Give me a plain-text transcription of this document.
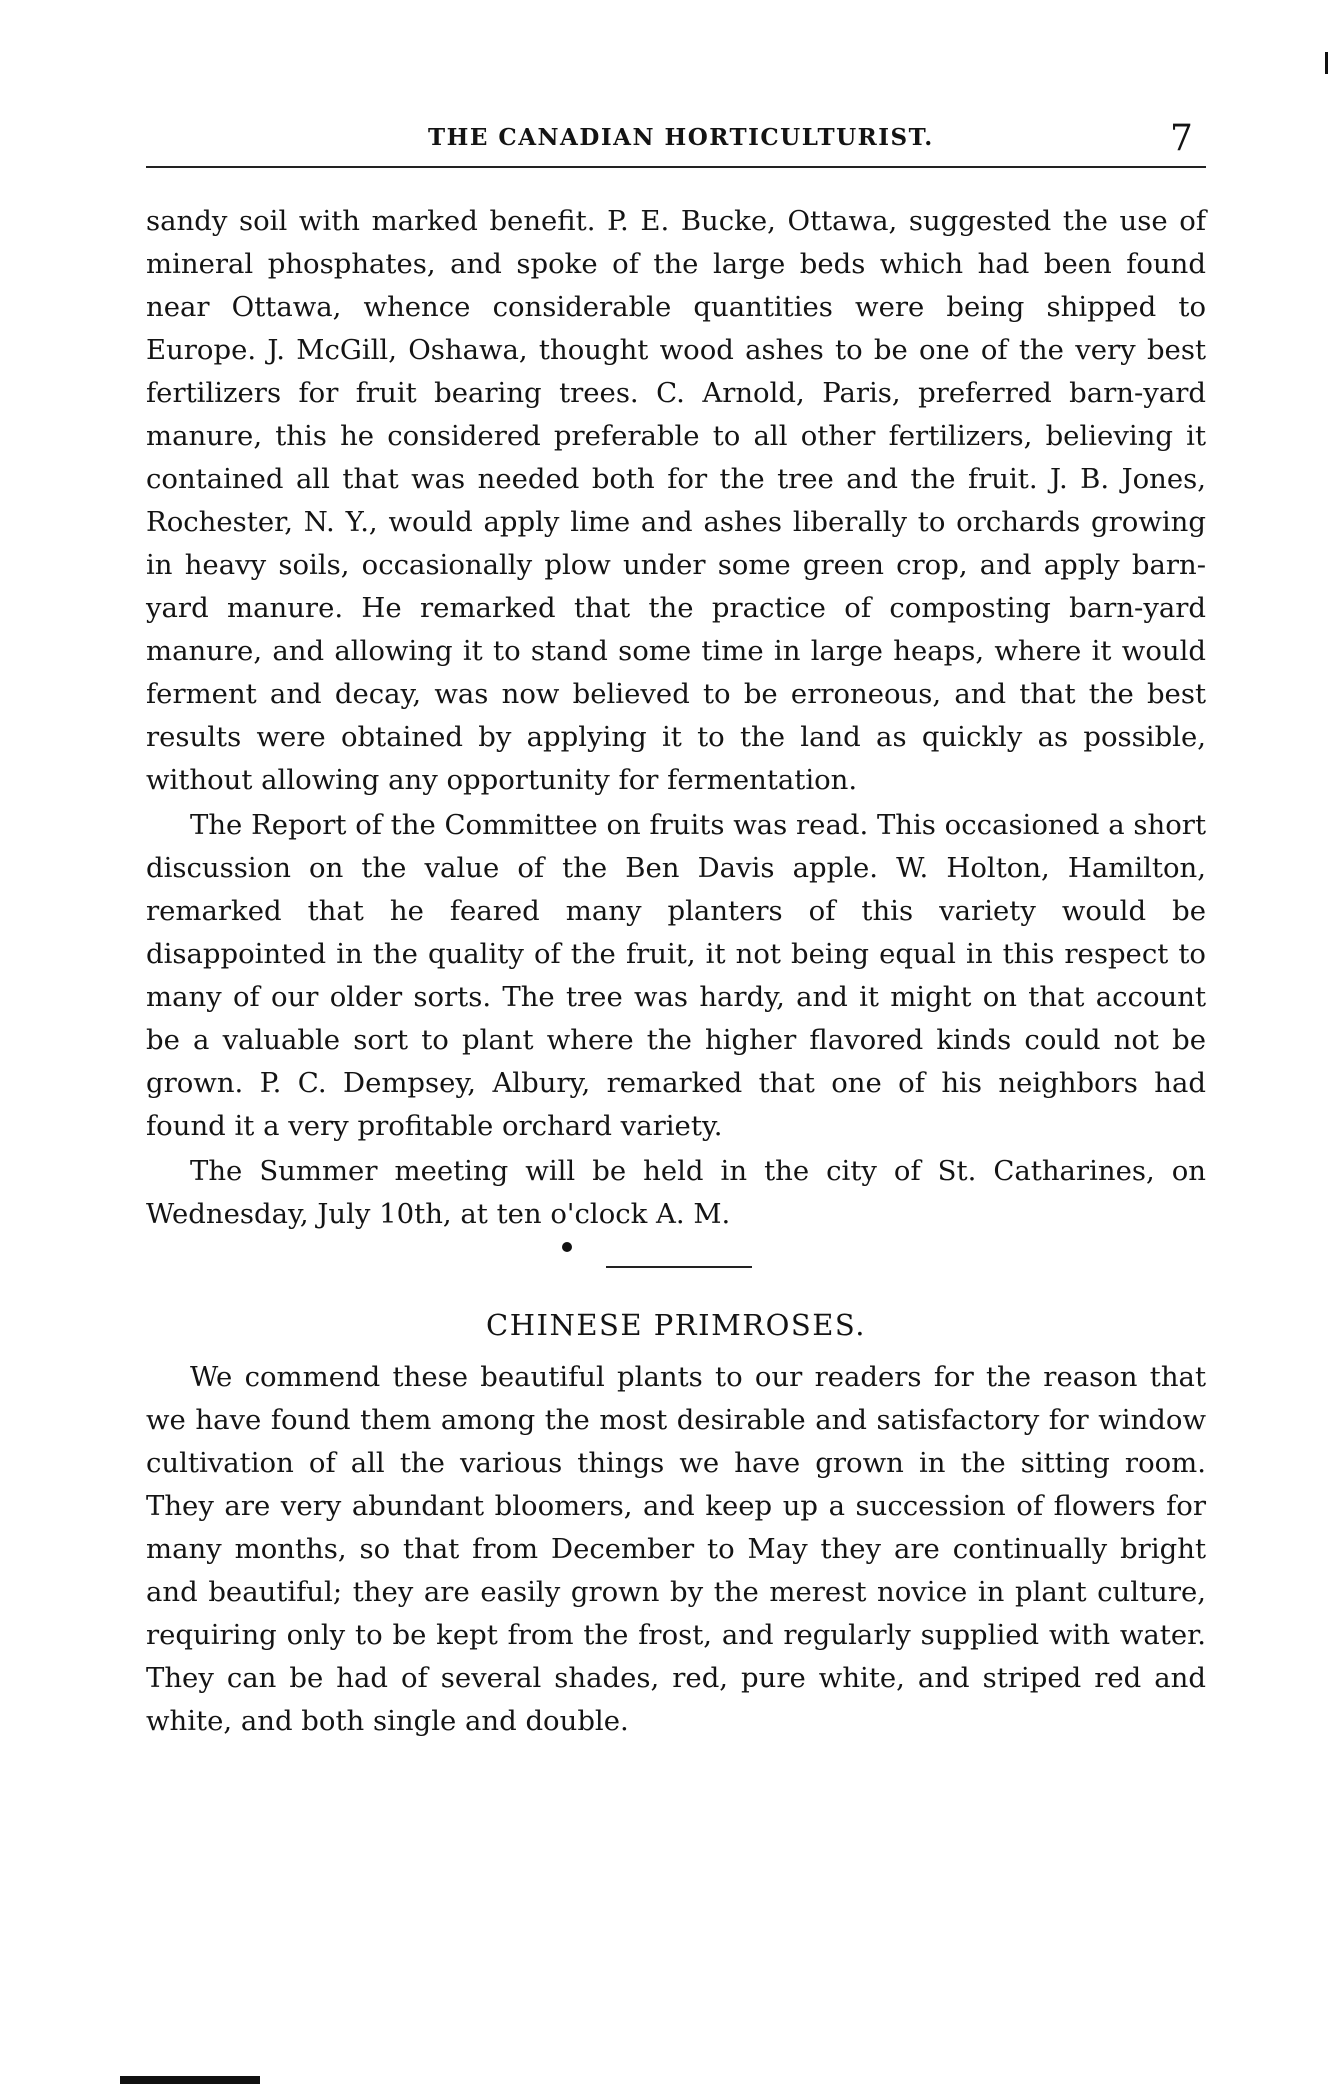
THE CANADIAN HORTICULTURIST.	7

sandy soil with marked benefit. P. E. Bucke, Ottawa, suggested the use of mineral phosphates, and spoke of the large beds which had been found near Ottawa, whence considerable quantities were being shipped to Europe. J. McGill, Oshawa, thought wood ashes to be one of the very best fertilizers for fruit bearing trees. C. Arnold, Paris, preferred barn-yard manure, this he considered preferable to all other fertilizers, believing it contained all that was needed both for the tree and the fruit. J. B. Jones, Rochester, N. Y., would apply lime and ashes liberally to orchards growing in heavy soils, occasionally plow under some green crop, and apply barn-yard manure. He remarked that the practice of composting barn-yard manure, and allowing it to stand some time in large heaps, where it would ferment and decay, was now believed to be erroneous, and that the best results were obtained by applying it to the land as quickly as possible, without allowing any opportunity for fermentation.

The Report of the Committee on fruits was read. This occasioned a short discussion on the value of the Ben Davis apple. W. Holton, Hamilton, remarked that he feared many planters of this variety would be disappointed in the quality of the fruit, it not being equal in this respect to many of our older sorts. The tree was hardy, and it might on that account be a valuable sort to plant where the higher flavored kinds could not be grown. P. C. Dempsey, Albury, remarked that one of his neighbors had found it a very profitable orchard variety.

The Summer meeting will be held in the city of St. Catharines, on Wednesday, July 10th, at ten o'clock A. M.

CHINESE PRIMROSES.

We commend these beautiful plants to our readers for the reason that we have found them among the most desirable and satisfactory for window cultivation of all the various things we have grown in the sitting room. They are very abundant bloomers, and keep up a succession of flowers for many months, so that from December to May they are continually bright and beautiful; they are easily grown by the merest novice in plant culture, requiring only to be kept from the frost, and regularly supplied with water. They can be had of several shades, red, pure white, and striped red and white, and both single and double.
